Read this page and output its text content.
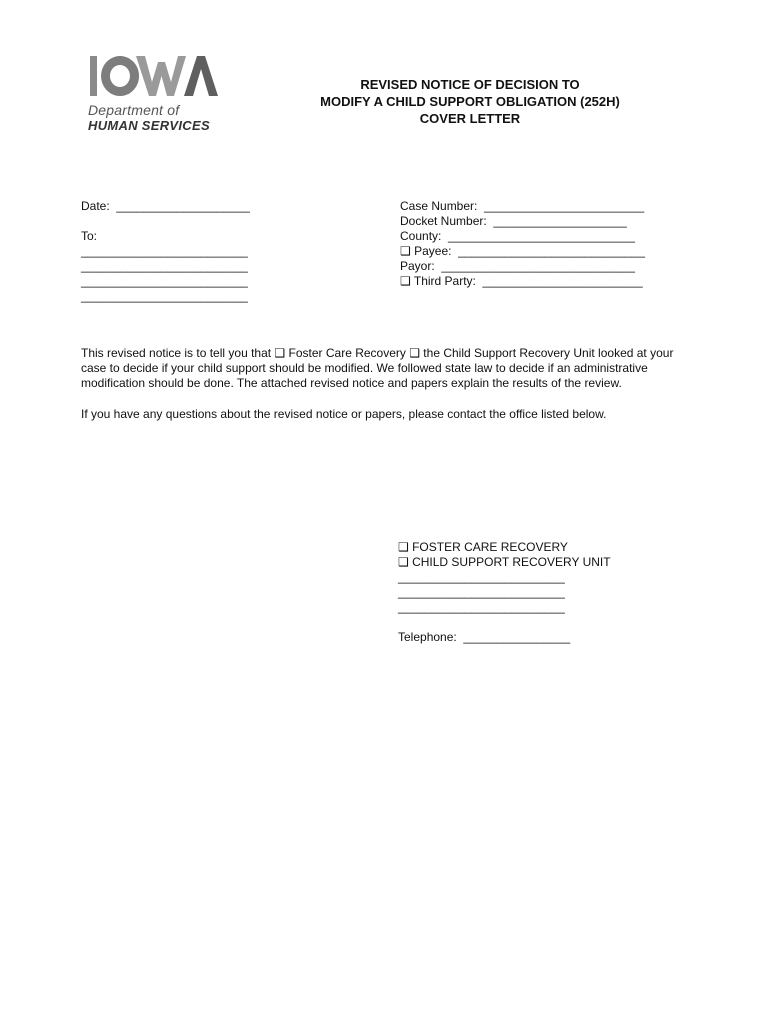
Department of
HUMAN SERVICES
REVISED NOTICE OF DECISION TO
MODIFY A CHILD SUPPORT OBLIGATION (252H)
COVER LETTER
Date:  ____________________
To:
_________________________
_________________________
_________________________
_________________________
Case Number:  ________________________
Docket Number:  ____________________
County:  ____________________________
❑ Payee:  ____________________________
Payor:  _____________________________
❑ Third Party:  ________________________
This revised notice is to tell you that ❑ Foster Care Recovery ❑ the Child Support Recovery Unit looked at your
case to decide if your child support should be modified. We followed state law to decide if an administrative
modification should be done. The attached revised notice and papers explain the results of the review.
If you have any questions about the revised notice or papers, please contact the office listed below.
❑ FOSTER CARE RECOVERY
❑ CHILD SUPPORT RECOVERY UNIT
_________________________
_________________________
_________________________
Telephone:  ________________
